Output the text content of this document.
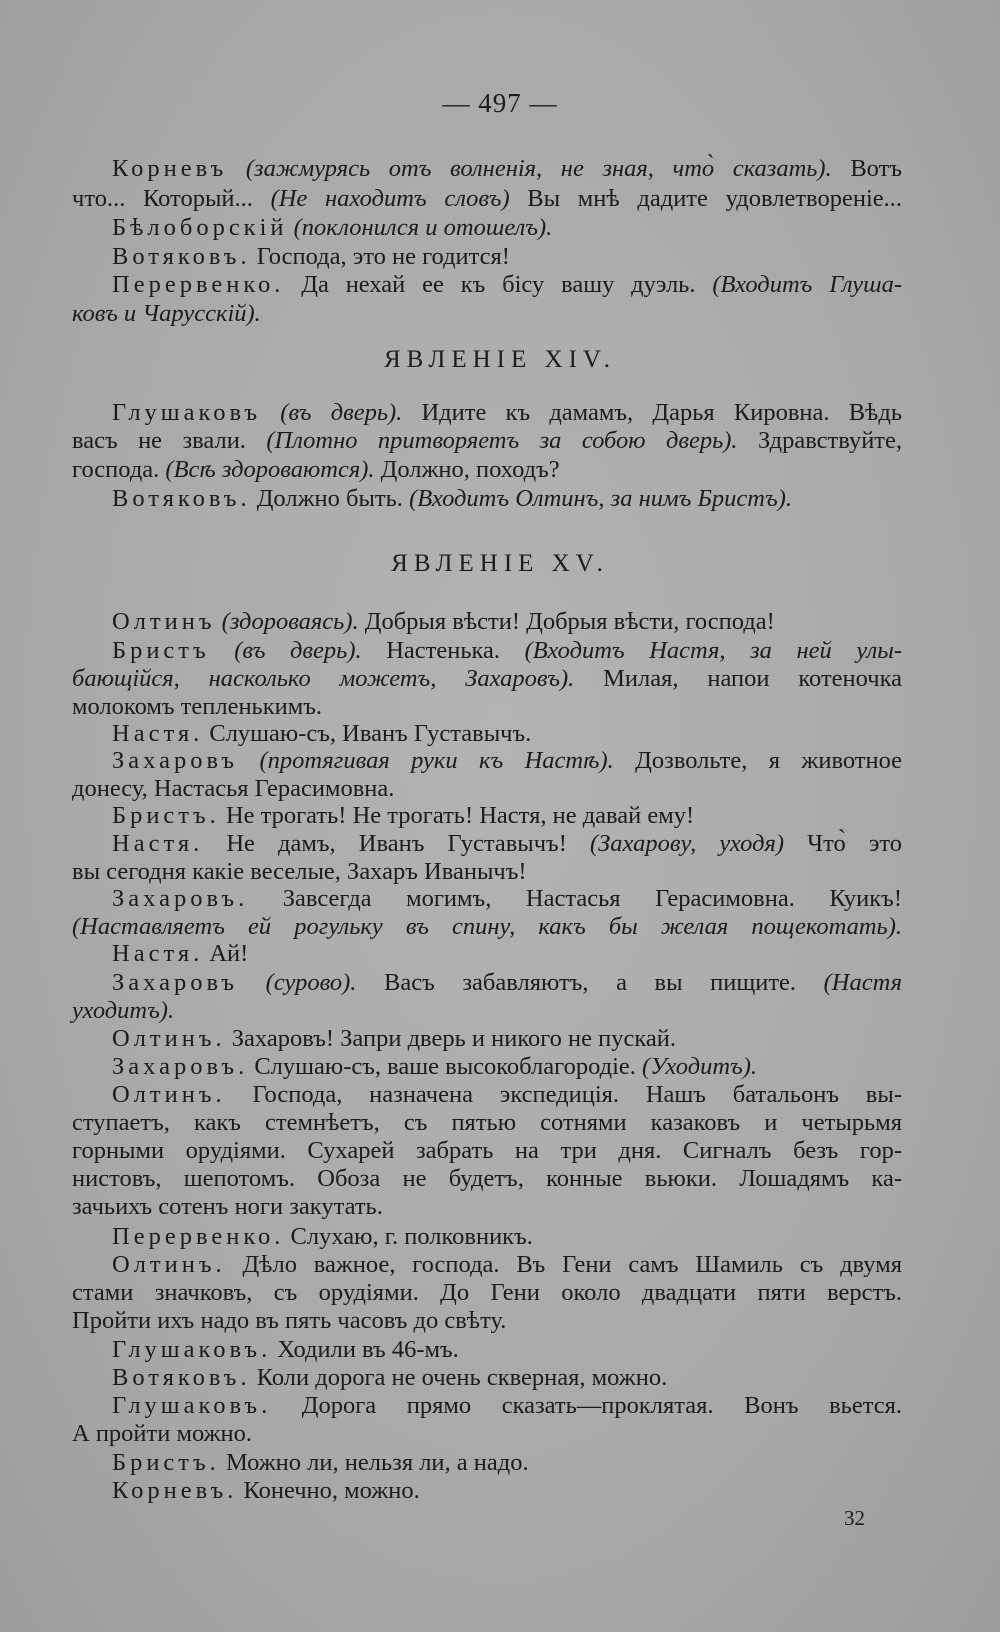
— 497 —
Корневъ (зажмурясь отъ волненія, не зная, что̀ сказать). Вотъ
что... Который... (Не находитъ словъ) Вы мнѣ дадите удовлетвореніе...
Бѣлоборскій (поклонился и отошелъ).
Вотяковъ. Господа, это не годится!
Перервенко. Да нехай ее къ бісу вашу дуэль. (Входитъ Глуша-
ковъ и Чарусскій).
ЯВЛЕНІЕ XIV.
Глушаковъ (въ дверь). Идите къ дамамъ, Дарья Кировна. Вѣдь
васъ не звали. (Плотно притворяетъ за собою дверь). Здравствуйте,
господа. (Всѣ здороваются). Должно, походъ?
Вотяковъ. Должно быть. (Входитъ Олтинъ, за нимъ Бристъ).
ЯВЛЕНІЕ XV.
Олтинъ (здороваясь). Добрыя вѣсти! Добрыя вѣсти, господа!
Бристъ (въ дверь). Настенька. (Входитъ Настя, за ней улы-
бающійся, насколько можетъ, Захаровъ). Милая, напои котеночка
молокомъ тепленькимъ.
Настя. Слушаю-съ, Иванъ Густавычъ.
Захаровъ (протягивая руки къ Настѣ). Дозвольте, я животное
донесу, Настасья Герасимовна.
Бристъ. Не трогать! Не трогать! Настя, не давай ему!
Настя. Не дамъ, Иванъ Густавычъ! (Захарову, уходя) Что̀ это
вы сегодня какіе веселые, Захаръ Иванычъ!
Захаровъ. Завсегда могимъ, Настасья Герасимовна. Куикъ!
(Наставляетъ ей рогульку въ спину, какъ бы желая пощекотать).
Настя. Ай!
Захаровъ (сурово). Васъ забавляютъ, а вы пищите. (Настя
уходитъ).
Олтинъ. Захаровъ! Запри дверь и никого не пускай.
Захаровъ. Слушаю-съ, ваше высокоблагородіе. (Уходитъ).
Олтинъ. Господа, назначена экспедиція. Нашъ батальонъ вы-
ступаетъ, какъ стемнѣетъ, съ пятью сотнями казаковъ и четырьмя
горными орудіями. Сухарей забрать на три дня. Сигналъ безъ гор-
нистовъ, шепотомъ. Обоза не будетъ, конные вьюки. Лошадямъ ка-
зачьихъ сотенъ ноги закутать.
Перервенко. Слухаю, г. полковникъ.
Олтинъ. Дѣло важное, господа. Въ Гени самъ Шамиль съ двумя
стами значковъ, съ орудіями. До Гени около двадцати пяти верстъ.
Пройти ихъ надо въ пять часовъ до свѣту.
Глушаковъ. Ходили въ 46-мъ.
Вотяковъ. Коли дорога не очень скверная, можно.
Глушаковъ. Дорога прямо сказать—проклятая. Вонъ вьется.
А пройти можно.
Бристъ. Можно ли, нельзя ли, а надо.
Корневъ. Конечно, можно.
32
